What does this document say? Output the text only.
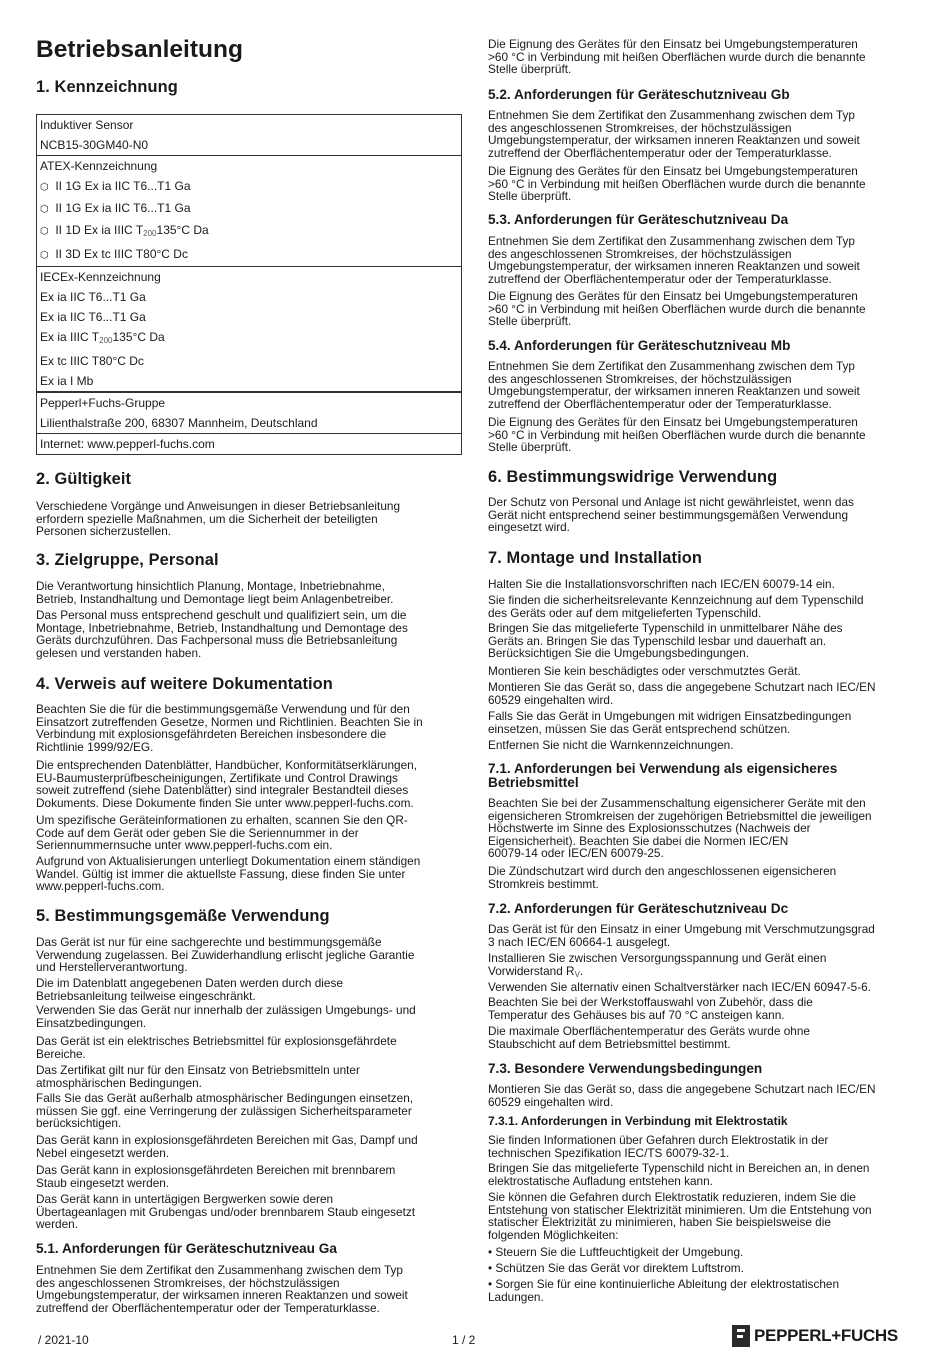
Betriebsanleitung
1. Kennzeichnung
Induktiver Sensor
NCB15-30GM40-N0
ATEX-Kennzeichnung
⬡ II 1G Ex ia IIC T6...T1 Ga
⬡ II 1G Ex ia IIC T6...T1 Ga
⬡ II 1D Ex ia IIIC $T_{200}135^\circ C$ Da
⬡ II 3D Ex tc IIIC T80°C Dc
IECEx-Kennzeichnung
Ex ia IIC T6...T1 Ga
Ex ia IIC T6...T1 Ga
Ex ia IIIC $T_{200}135^\circ C$ Da
Ex tc IIIC T80°C Dc
Ex ia I Mb
Pepperl+Fuchs-Gruppe
Lilienthalstraße 200, 68307 Mannheim, Deutschland
Internet: www.pepperl-fuchs.com
2. Gültigkeit
Verschiedene Vorgänge und Anweisungen in dieser Betriebsanleitung
erfordern spezielle Maßnahmen, um die Sicherheit der beteiligten
Personen sicherzustellen.
3. Zielgruppe, Personal
Die Verantwortung hinsichtlich Planung, Montage, Inbetriebnahme,
Betrieb, Instandhaltung und Demontage liegt beim Anlagenbetreiber.
Das Personal muss entsprechend geschult und qualifiziert sein, um die
Montage, Inbetriebnahme, Betrieb, Instandhaltung und Demontage des
Geräts durchzuführen. Das Fachpersonal muss die Betriebsanleitung
gelesen und verstanden haben.
4. Verweis auf weitere Dokumentation
Beachten Sie die für die bestimmungsgemäße Verwendung und für den
Einsatzort zutreffenden Gesetze, Normen und Richtlinien. Beachten Sie in
Verbindung mit explosionsgefährdeten Bereichen insbesondere die
Richtlinie 1999/92/EG.
Die entsprechenden Datenblätter, Handbücher, Konformitätserklärungen,
EU-Baumusterprüfbescheinigungen, Zertifikate und Control Drawings
soweit zutreffend (siehe Datenblätter) sind integraler Bestandteil dieses
Dokuments. Diese Dokumente finden Sie unter www.pepperl-fuchs.com.
Um spezifische Geräteinformationen zu erhalten, scannen Sie den QR-
Code auf dem Gerät oder geben Sie die Seriennummer in der
Seriennummernsuche unter www.pepperl-fuchs.com ein.
Aufgrund von Aktualisierungen unterliegt Dokumentation einem ständigen
Wandel. Gültig ist immer die aktuellste Fassung, diese finden Sie unter
www.pepperl-fuchs.com.
5. Bestimmungsgemäße Verwendung
Das Gerät ist nur für eine sachgerechte und bestimmungsgemäße
Verwendung zugelassen. Bei Zuwiderhandlung erlischt jegliche Garantie
und Herstellerverantwortung.
Die im Datenblatt angegebenen Daten werden durch diese
Betriebsanleitung teilweise eingeschränkt.
Verwenden Sie das Gerät nur innerhalb der zulässigen Umgebungs- und
Einsatzbedingungen.
Das Gerät ist ein elektrisches Betriebsmittel für explosionsgefährdete
Bereiche.
Das Zertifikat gilt nur für den Einsatz von Betriebsmitteln unter
atmosphärischen Bedingungen.
Falls Sie das Gerät außerhalb atmosphärischer Bedingungen einsetzen,
müssen Sie ggf. eine Verringerung der zulässigen Sicherheitsparameter
berücksichtigen.
Das Gerät kann in explosionsgefährdeten Bereichen mit Gas, Dampf und
Nebel eingesetzt werden.
Das Gerät kann in explosionsgefährdeten Bereichen mit brennbarem
Staub eingesetzt werden.
Das Gerät kann in untertägigen Bergwerken sowie deren
Übertageanlagen mit Grubengas und/oder brennbarem Staub eingesetzt
werden.
5.1. Anforderungen für Geräteschutzniveau Ga
Entnehmen Sie dem Zertifikat den Zusammenhang zwischen dem Typ
des angeschlossenen Stromkreises, der höchstzulässigen
Umgebungstemperatur, der wirksamen inneren Reaktanzen und soweit
zutreffend der Oberflächentemperatur oder der Temperaturklasse.
Die Eignung des Gerätes für den Einsatz bei Umgebungstemperaturen
>60 °C in Verbindung mit heißen Oberflächen wurde durch die benannte
Stelle überprüft.
5.2. Anforderungen für Geräteschutzniveau Gb
Entnehmen Sie dem Zertifikat den Zusammenhang zwischen dem Typ
des angeschlossenen Stromkreises, der höchstzulässigen
Umgebungstemperatur, der wirksamen inneren Reaktanzen und soweit
zutreffend der Oberflächentemperatur oder der Temperaturklasse.
Die Eignung des Gerätes für den Einsatz bei Umgebungstemperaturen
>60 °C in Verbindung mit heißen Oberflächen wurde durch die benannte
Stelle überprüft.
5.3. Anforderungen für Geräteschutzniveau Da
Entnehmen Sie dem Zertifikat den Zusammenhang zwischen dem Typ
des angeschlossenen Stromkreises, der höchstzulässigen
Umgebungstemperatur, der wirksamen inneren Reaktanzen und soweit
zutreffend der Oberflächentemperatur oder der Temperaturklasse.
Die Eignung des Gerätes für den Einsatz bei Umgebungstemperaturen
>60 °C in Verbindung mit heißen Oberflächen wurde durch die benannte
Stelle überprüft.
5.4. Anforderungen für Geräteschutzniveau Mb
Entnehmen Sie dem Zertifikat den Zusammenhang zwischen dem Typ
des angeschlossenen Stromkreises, der höchstzulässigen
Umgebungstemperatur, der wirksamen inneren Reaktanzen und soweit
zutreffend der Oberflächentemperatur oder der Temperaturklasse.
Die Eignung des Gerätes für den Einsatz bei Umgebungstemperaturen
>60 °C in Verbindung mit heißen Oberflächen wurde durch die benannte
Stelle überprüft.
6. Bestimmungswidrige Verwendung
Der Schutz von Personal und Anlage ist nicht gewährleistet, wenn das
Gerät nicht entsprechend seiner bestimmungsgemäßen Verwendung
eingesetzt wird.
7. Montage und Installation
Halten Sie die Installationsvorschriften nach IEC/EN 60079-14 ein.
Sie finden die sicherheitsrelevante Kennzeichnung auf dem Typenschild
des Geräts oder auf dem mitgelieferten Typenschild.
Bringen Sie das mitgelieferte Typenschild in unmittelbarer Nähe des
Geräts an. Bringen Sie das Typenschild lesbar und dauerhaft an.
Berücksichtigen Sie die Umgebungsbedingungen.
Montieren Sie kein beschädigtes oder verschmutztes Gerät.
Montieren Sie das Gerät so, dass die angegebene Schutzart nach IEC/EN
60529 eingehalten wird.
Falls Sie das Gerät in Umgebungen mit widrigen Einsatzbedingungen
einsetzen, müssen Sie das Gerät entsprechend schützen.
Entfernen Sie nicht die Warnkennzeichnungen.
7.1. Anforderungen bei Verwendung als eigensicheres
Betriebsmittel
Beachten Sie bei der Zusammenschaltung eigensicherer Geräte mit den
eigensicheren Stromkreisen der zugehörigen Betriebsmittel die jeweiligen
Höchstwerte im Sinne des Explosionsschutzes (Nachweis der
Eigensicherheit). Beachten Sie dabei die Normen IEC/EN
60079-14 oder IEC/EN 60079-25.
Die Zündschutzart wird durch den angeschlossenen eigensicheren
Stromkreis bestimmt.
7.2. Anforderungen für Geräteschutzniveau Dc
Das Gerät ist für den Einsatz in einer Umgebung mit Verschmutzungsgrad
3 nach IEC/EN 60664-1 ausgelegt.
Installieren Sie zwischen Versorgungsspannung und Gerät einen
Vorwiderstand $R_V$.
Verwenden Sie alternativ einen Schaltverstärker nach IEC/EN 60947-5-6.
Beachten Sie bei der Werkstoffauswahl von Zubehör, dass die
Temperatur des Gehäuses bis auf 70 °C ansteigen kann.
Die maximale Oberflächentemperatur des Geräts wurde ohne
Staubschicht auf dem Betriebsmittel bestimmt.
7.3. Besondere Verwendungsbedingungen
Montieren Sie das Gerät so, dass die angegebene Schutzart nach IEC/EN
60529 eingehalten wird.
7.3.1. Anforderungen in Verbindung mit Elektrostatik
Sie finden Informationen über Gefahren durch Elektrostatik in der
technischen Spezifikation IEC/TS 60079-32-1.
Bringen Sie das mitgelieferte Typenschild nicht in Bereichen an, in denen
elektrostatische Aufladung entstehen kann.
Sie können die Gefahren durch Elektrostatik reduzieren, indem Sie die
Entstehung von statischer Elektrizität minimieren. Um die Entstehung von
statischer Elektrizität zu minimieren, haben Sie beispielsweise die
folgenden Möglichkeiten:
• Steuern Sie die Luftfeuchtigkeit der Umgebung.
• Schützen Sie das Gerät vor direktem Luftstrom.
• Sorgen Sie für eine kontinuierliche Ableitung der elektrostatischen
Ladungen.
/ 2021-10	1 / 2	PEPPERL+FUCHS
